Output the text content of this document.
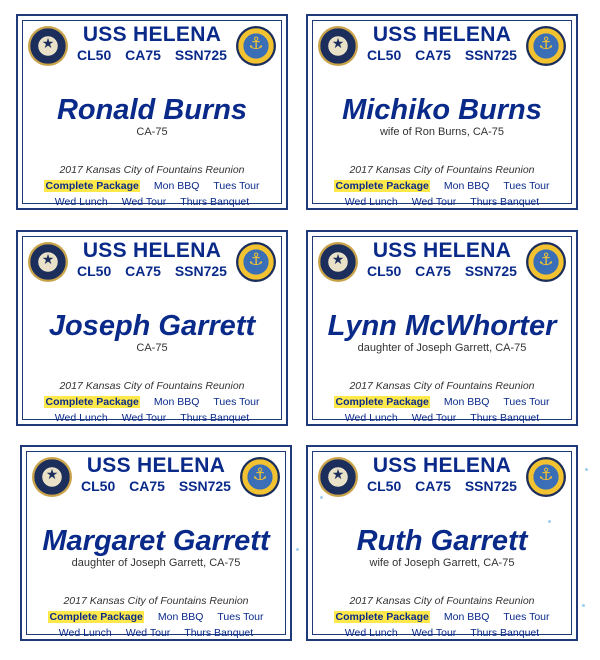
★
⚓
USS HELENA
CL50 CA75 SSN725
Ronald Burns
CA-75
2017 Kansas City of Fountains Reunion
Complete Package Mon BBQ Tues Tour
Wed Lunch Wed Tour Thurs Banquet
★
⚓
USS HELENA
CL50 CA75 SSN725
Michiko Burns
wife of Ron Burns, CA-75
2017 Kansas City of Fountains Reunion
Complete Package Mon BBQ Tues Tour
Wed Lunch Wed Tour Thurs Banquet
★
⚓
USS HELENA
CL50 CA75 SSN725
Joseph Garrett
CA-75
2017 Kansas City of Fountains Reunion
Complete Package Mon BBQ Tues Tour
Wed Lunch Wed Tour Thurs Banquet
★
⚓
USS HELENA
CL50 CA75 SSN725
Lynn McWhorter
daughter of Joseph Garrett, CA-75
2017 Kansas City of Fountains Reunion
Complete Package Mon BBQ Tues Tour
Wed Lunch Wed Tour Thurs Banquet
★
⚓
USS HELENA
CL50 CA75 SSN725
Margaret Garrett
daughter of Joseph Garrett, CA-75
2017 Kansas City of Fountains Reunion
Complete Package Mon BBQ Tues Tour
Wed Lunch Wed Tour Thurs Banquet
★
⚓
USS HELENA
CL50 CA75 SSN725
Ruth Garrett
wife of Joseph Garrett, CA-75
2017 Kansas City of Fountains Reunion
Complete Package Mon BBQ Tues Tour
Wed Lunch Wed Tour Thurs Banquet
